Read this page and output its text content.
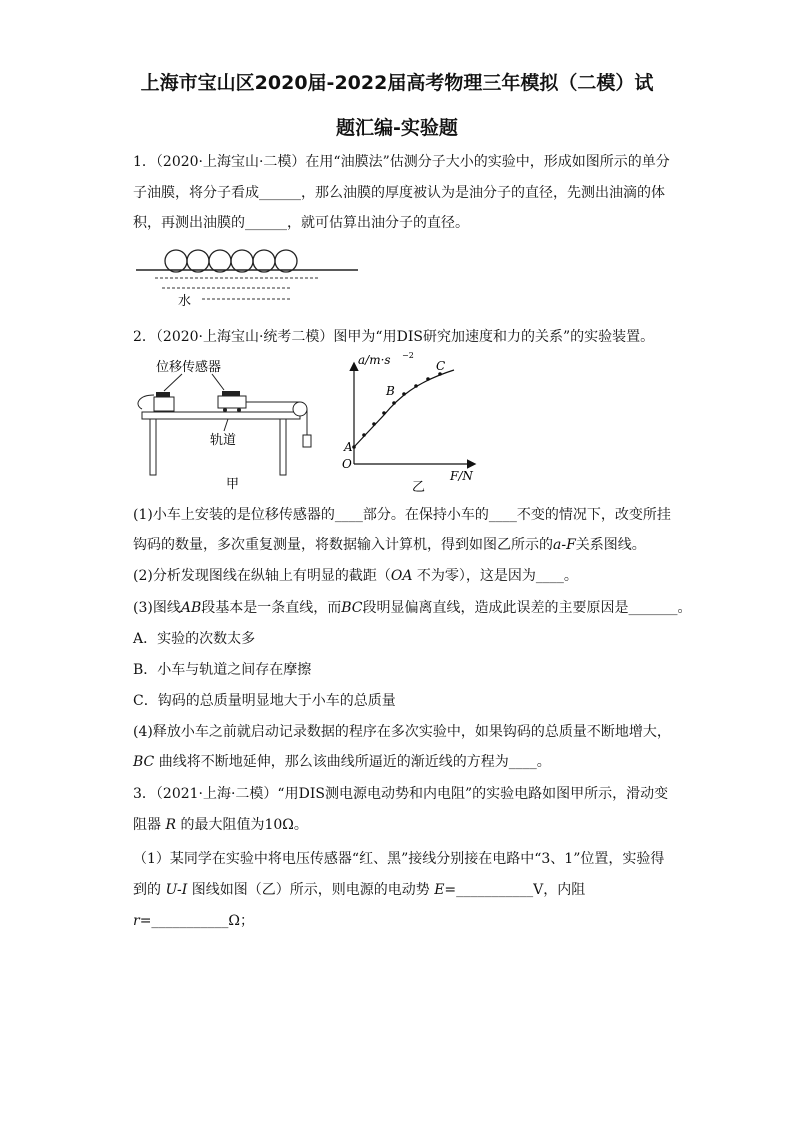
上海市宝山区2020届-2022届高考物理三年模拟（二模）试
题汇编-实验题
1．（2020·上海宝山·二模）在用“油膜法”估测分子大小的实验中，形成如图所示的单分
子油膜，将分子看成______，那么油膜的厚度被认为是油分子的直径，先测出油滴的体
积，再测出油膜的______，就可估算出油分子的直径。
水
2．（2020·上海宝山·统考二模）图甲为“用DIS研究加速度和力的关系”的实验装置。
位移传感器
轨道
甲
a/m·s −2
F/N
O
A
B
C
乙
(1)小车上安装的是位移传感器的____部分。在保持小车的____不变的情况下，改变所挂
钩码的数量，多次重复测量，将数据输入计算机，得到如图乙所示的a-F关系图线。
(2)分析发现图线在纵轴上有明显的截距（OA 不为零），这是因为____。
(3)图线AB段基本是一条直线，而BC段明显偏离直线，造成此误差的主要原因是_______。
A．实验的次数太多
B．小车与轨道之间存在摩擦
C．钩码的总质量明显地大于小车的总质量
(4)释放小车之前就启动记录数据的程序在多次实验中，如果钩码的总质量不断地增大，
BC 曲线将不断地延伸，那么该曲线所逼近的渐近线的方程为____。
3．（2021·上海·二模）“用DIS测电源电动势和内电阻”的实验电路如图甲所示，滑动变
阻器 R 的最大阻值为10Ω。
（1）某同学在实验中将电压传感器“红、黑”接线分别接在电路中“3、1”位置，实验得
到的 U-I 图线如图（乙）所示，则电源的电动势 E=___________V，内阻
r=___________Ω；
